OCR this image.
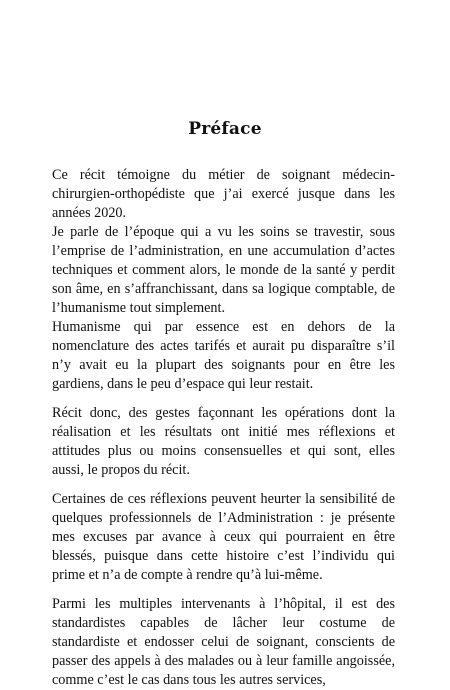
Préface

Ce récit témoigne du métier de soignant médecin-chirurgien-orthopédiste que j’ai exercé jusque dans les années 2020.

Je parle de l’époque qui a vu les soins se travestir, sous l’emprise de l’administration, en une accumulation d’actes techniques et comment alors, le monde de la santé y perdit son âme, en s’affranchissant, dans sa logique comptable, de l’humanisme tout simplement.

Humanisme qui par essence est en dehors de la nomenclature des actes tarifés et aurait pu disparaître s’il n’y avait eu la plupart des soignants pour en être les gardiens, dans le peu d’espace qui leur restait.

Récit donc, des gestes façonnant les opérations dont la réalisation et les résultats ont initié mes réflexions et attitudes plus ou moins consensuelles et qui sont, elles aussi, le propos du récit.

Certaines de ces réflexions peuvent heurter la sensibilité de quelques professionnels de l’Administration : je présente mes excuses par avance à ceux qui pourraient en être blessés, puisque dans cette histoire c’est l’individu qui prime et n’a de compte à rendre qu’à lui-même.

Parmi les multiples intervenants à l’hôpital, il est des standardistes capables de lâcher leur costume de standardiste et endosser celui de soignant, conscients de passer des appels à des malades ou à leur famille angoissée, comme c’est le cas dans tous les autres services,
